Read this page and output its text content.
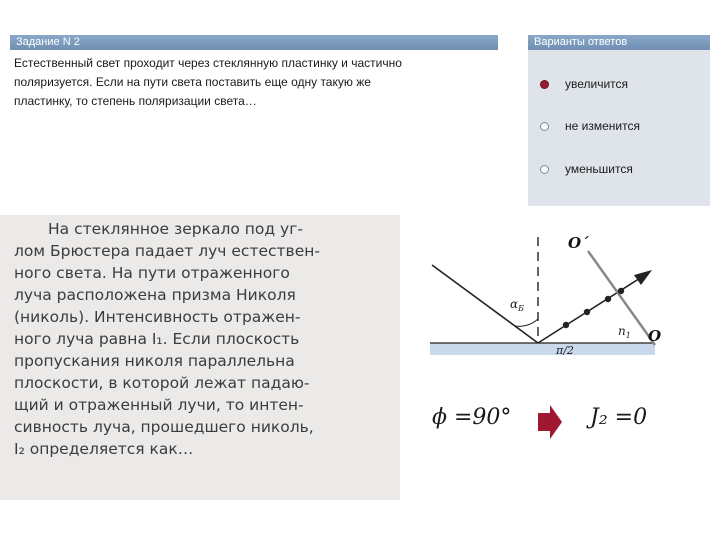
Задание N 2
Естественный свет проходит через стеклянную пластинку и частично
поляризуется. Если на пути света поставить еще одну такую же
пластинку, то степень поляризации света…
Варианты ответов
увеличится
не изменится
уменьшится
На стеклянное зеркало под уг-
лом Брюстера падает луч естествен-
ного света. На пути отраженного
луча расположена призма Николя
(николь). Интенсивность отражен-
ного луча равна I₁. Если плоскость
пропускания николя параллельна
плоскости, в которой лежат падаю-
щий и отраженный лучи, то интен-
сивность луча, прошедшего николь,
I₂ определяется как…
$\alpha_Б$
O´
O
$n_1$
π/2
ϕ =90°	J₂ =0
